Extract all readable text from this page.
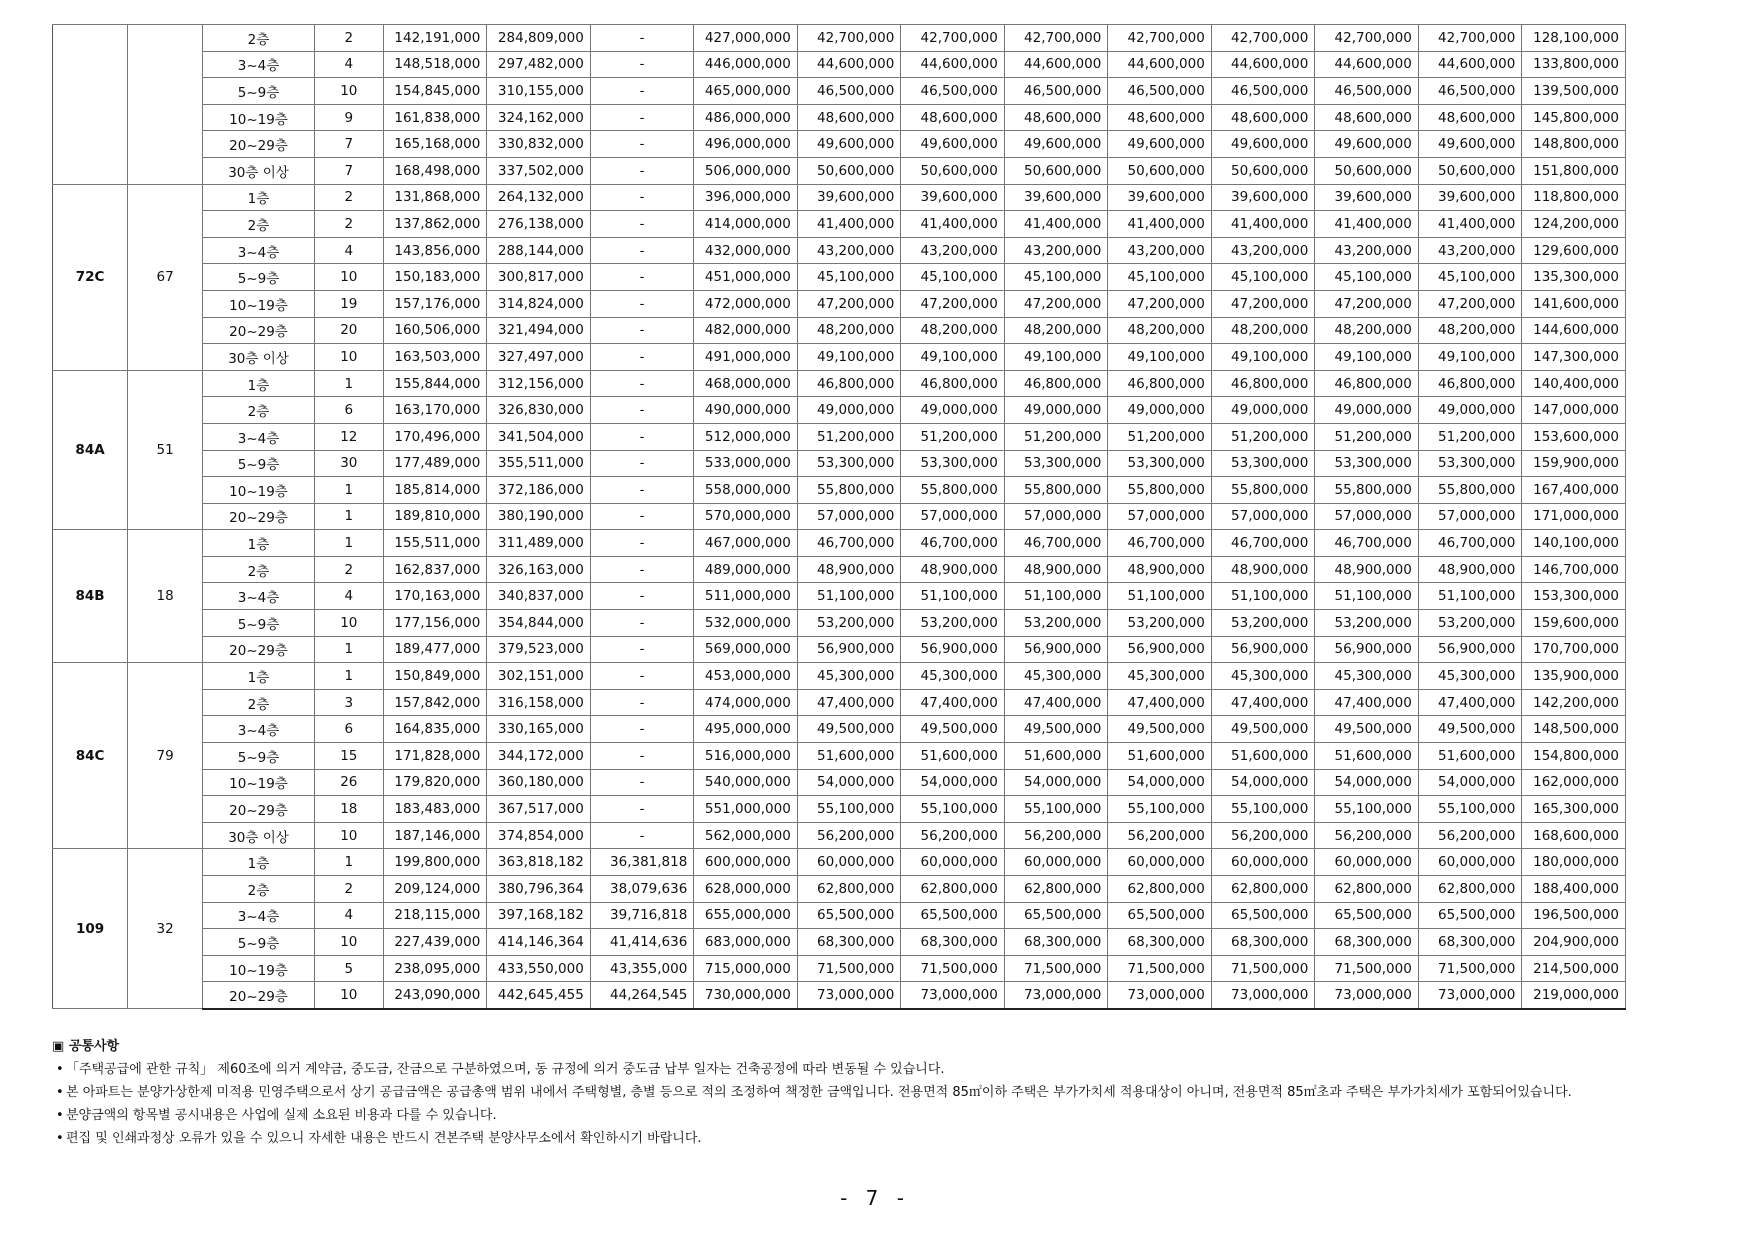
		2층	2	142,191,000	284,809,000	-	427,000,000	42,700,000	42,700,000	42,700,000	42,700,000	42,700,000	42,700,000	42,700,000	128,100,000
		3~4층	4	148,518,000	297,482,000	-	446,000,000	44,600,000	44,600,000	44,600,000	44,600,000	44,600,000	44,600,000	44,600,000	133,800,000
		5~9층	10	154,845,000	310,155,000	-	465,000,000	46,500,000	46,500,000	46,500,000	46,500,000	46,500,000	46,500,000	46,500,000	139,500,000
		10~19층	9	161,838,000	324,162,000	-	486,000,000	48,600,000	48,600,000	48,600,000	48,600,000	48,600,000	48,600,000	48,600,000	145,800,000
		20~29층	7	165,168,000	330,832,000	-	496,000,000	49,600,000	49,600,000	49,600,000	49,600,000	49,600,000	49,600,000	49,600,000	148,800,000
		30층 이상	7	168,498,000	337,502,000	-	506,000,000	50,600,000	50,600,000	50,600,000	50,600,000	50,600,000	50,600,000	50,600,000	151,800,000
72C	67	1층	2	131,868,000	264,132,000	-	396,000,000	39,600,000	39,600,000	39,600,000	39,600,000	39,600,000	39,600,000	39,600,000	118,800,000
		2층	2	137,862,000	276,138,000	-	414,000,000	41,400,000	41,400,000	41,400,000	41,400,000	41,400,000	41,400,000	41,400,000	124,200,000
		3~4층	4	143,856,000	288,144,000	-	432,000,000	43,200,000	43,200,000	43,200,000	43,200,000	43,200,000	43,200,000	43,200,000	129,600,000
		5~9층	10	150,183,000	300,817,000	-	451,000,000	45,100,000	45,100,000	45,100,000	45,100,000	45,100,000	45,100,000	45,100,000	135,300,000
		10~19층	19	157,176,000	314,824,000	-	472,000,000	47,200,000	47,200,000	47,200,000	47,200,000	47,200,000	47,200,000	47,200,000	141,600,000
		20~29층	20	160,506,000	321,494,000	-	482,000,000	48,200,000	48,200,000	48,200,000	48,200,000	48,200,000	48,200,000	48,200,000	144,600,000
		30층 이상	10	163,503,000	327,497,000	-	491,000,000	49,100,000	49,100,000	49,100,000	49,100,000	49,100,000	49,100,000	49,100,000	147,300,000
84A	51	1층	1	155,844,000	312,156,000	-	468,000,000	46,800,000	46,800,000	46,800,000	46,800,000	46,800,000	46,800,000	46,800,000	140,400,000
		2층	6	163,170,000	326,830,000	-	490,000,000	49,000,000	49,000,000	49,000,000	49,000,000	49,000,000	49,000,000	49,000,000	147,000,000
		3~4층	12	170,496,000	341,504,000	-	512,000,000	51,200,000	51,200,000	51,200,000	51,200,000	51,200,000	51,200,000	51,200,000	153,600,000
		5~9층	30	177,489,000	355,511,000	-	533,000,000	53,300,000	53,300,000	53,300,000	53,300,000	53,300,000	53,300,000	53,300,000	159,900,000
		10~19층	1	185,814,000	372,186,000	-	558,000,000	55,800,000	55,800,000	55,800,000	55,800,000	55,800,000	55,800,000	55,800,000	167,400,000
		20~29층	1	189,810,000	380,190,000	-	570,000,000	57,000,000	57,000,000	57,000,000	57,000,000	57,000,000	57,000,000	57,000,000	171,000,000
84B	18	1층	1	155,511,000	311,489,000	-	467,000,000	46,700,000	46,700,000	46,700,000	46,700,000	46,700,000	46,700,000	46,700,000	140,100,000
		2층	2	162,837,000	326,163,000	-	489,000,000	48,900,000	48,900,000	48,900,000	48,900,000	48,900,000	48,900,000	48,900,000	146,700,000
		3~4층	4	170,163,000	340,837,000	-	511,000,000	51,100,000	51,100,000	51,100,000	51,100,000	51,100,000	51,100,000	51,100,000	153,300,000
		5~9층	10	177,156,000	354,844,000	-	532,000,000	53,200,000	53,200,000	53,200,000	53,200,000	53,200,000	53,200,000	53,200,000	159,600,000
		20~29층	1	189,477,000	379,523,000	-	569,000,000	56,900,000	56,900,000	56,900,000	56,900,000	56,900,000	56,900,000	56,900,000	170,700,000
84C	79	1층	1	150,849,000	302,151,000	-	453,000,000	45,300,000	45,300,000	45,300,000	45,300,000	45,300,000	45,300,000	45,300,000	135,900,000
		2층	3	157,842,000	316,158,000	-	474,000,000	47,400,000	47,400,000	47,400,000	47,400,000	47,400,000	47,400,000	47,400,000	142,200,000
		3~4층	6	164,835,000	330,165,000	-	495,000,000	49,500,000	49,500,000	49,500,000	49,500,000	49,500,000	49,500,000	49,500,000	148,500,000
		5~9층	15	171,828,000	344,172,000	-	516,000,000	51,600,000	51,600,000	51,600,000	51,600,000	51,600,000	51,600,000	51,600,000	154,800,000
		10~19층	26	179,820,000	360,180,000	-	540,000,000	54,000,000	54,000,000	54,000,000	54,000,000	54,000,000	54,000,000	54,000,000	162,000,000
		20~29층	18	183,483,000	367,517,000	-	551,000,000	55,100,000	55,100,000	55,100,000	55,100,000	55,100,000	55,100,000	55,100,000	165,300,000
		30층 이상	10	187,146,000	374,854,000	-	562,000,000	56,200,000	56,200,000	56,200,000	56,200,000	56,200,000	56,200,000	56,200,000	168,600,000
109	32	1층	1	199,800,000	363,818,182	36,381,818	600,000,000	60,000,000	60,000,000	60,000,000	60,000,000	60,000,000	60,000,000	60,000,000	180,000,000
		2층	2	209,124,000	380,796,364	38,079,636	628,000,000	62,800,000	62,800,000	62,800,000	62,800,000	62,800,000	62,800,000	62,800,000	188,400,000
		3~4층	4	218,115,000	397,168,182	39,716,818	655,000,000	65,500,000	65,500,000	65,500,000	65,500,000	65,500,000	65,500,000	65,500,000	196,500,000
		5~9층	10	227,439,000	414,146,364	41,414,636	683,000,000	68,300,000	68,300,000	68,300,000	68,300,000	68,300,000	68,300,000	68,300,000	204,900,000
		10~19층	5	238,095,000	433,550,000	43,355,000	715,000,000	71,500,000	71,500,000	71,500,000	71,500,000	71,500,000	71,500,000	71,500,000	214,500,000
		20~29층	10	243,090,000	442,645,455	44,264,545	730,000,000	73,000,000	73,000,000	73,000,000	73,000,000	73,000,000	73,000,000	73,000,000	219,000,000
▣ 공통사항
• 「주택공급에 관한 규칙」 제60조에 의거 계약금, 중도금, 잔금으로 구분하였으며, 동 규정에 의거 중도금 납부 일자는 건축공정에 따라 변동될 수 있습니다.
• 본 아파트는 분양가상한제 미적용 민영주택으로서 상기 공급금액은 공급총액 범위 내에서 주택형별, 층별 등으로 적의 조정하여 책정한 금액입니다. 전용면적 85㎡이하 주택은 부가가치세 적용대상이 아니며, 전용면적 85㎡초과 주택은 부가가치세가 포함되어있습니다.
• 분양금액의 항목별 공시내용은 사업에 실제 소요된 비용과 다를 수 있습니다.
• 편집 및 인쇄과정상 오류가 있을 수 있으니 자세한 내용은 반드시 견본주택 분양사무소에서 확인하시기 바랍니다.
- 7 -
